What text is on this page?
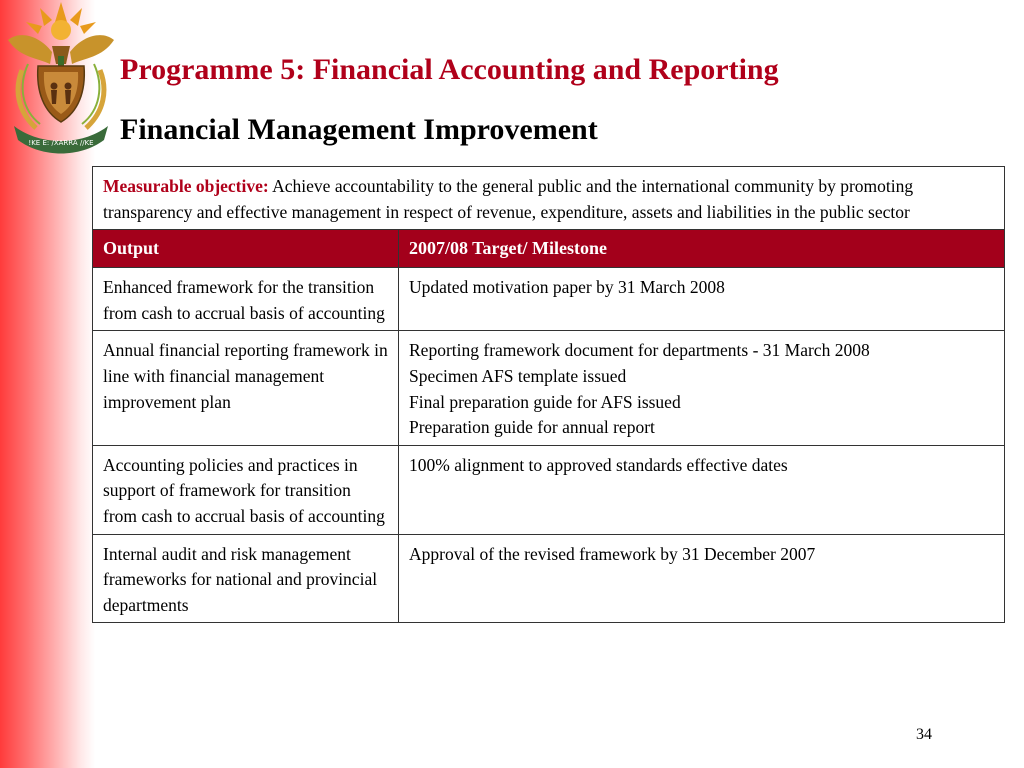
!KE E: /XARRA //KE
Programme 5: Financial Accounting and Reporting
Financial Management Improvement
Measurable objective: Achieve accountability to the general public and the international community by promoting transparency and effective management in respect of revenue, expenditure, assets and liabilities in the public sector	
Output	2007/08 Target/ Milestone
Enhanced framework for the transition from cash to accrual basis of accounting	Updated motivation paper by 31 March 2008

Annual financial reporting framework in line with financial management improvement plan	Reporting framework document for departments - 31 March 2008
Specimen AFS template issued
Final preparation guide for AFS issued
Preparation guide for annual report

Accounting policies and practices in support of framework for transition from cash to accrual basis of accounting	100% alignment to approved standards effective dates

Internal audit and risk management frameworks for national and provincial departments	Approval of the revised framework by 31 December 2007
34
